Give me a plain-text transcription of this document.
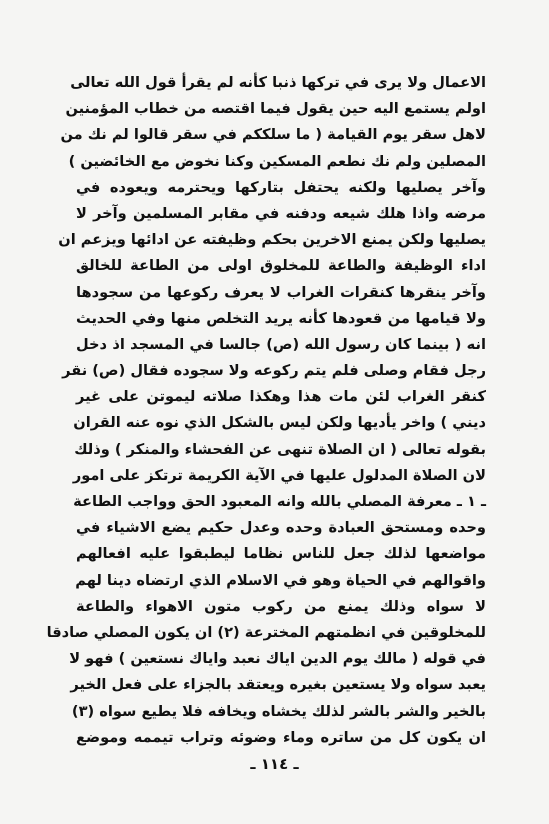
الاعمال ولا يرى في تركها ذنبا كأنه لم يقرأ قول الله تعالى
اولم يستمع اليه حين يقول فيما اقتصه من خطاب المؤمنين
لاهل سقر يوم القيامة ( ما سلككم في سقر قالوا لم نك من
المصلين ولم نك نطعم المسكين وكنا نخوض مع الخائضين )
وآخر يصليها ولكنه يحتفل بتاركها ويحترمه ويعوده في
مرضه واذا هلك شيعه ودفنه في مقابر المسلمين وآخر لا
يصليها ولكن يمنع الاخرين بحكم وظيفته عن ادائها ويزعم ان
اداء الوظيفة والطاعة للمخلوق اولى من الطاعة للخالق
وآخر ينقرها كنقرات الغراب لا يعرف ركوعها من سجودها
ولا قيامها من قعودها كأنه يريد التخلص منها وفي الحديث
انه ( بينما كان رسول الله (ص) جالسا في المسجد اذ دخل
رجل فقام وصلى فلم يتم ركوعه ولا سجوده فقال (ص) نقر
كنقر الغراب لئن مات هذا وهكذا صلاته ليموتن على غير
ديني ) واخر يأديها ولكن ليس بالشكل الذي نوه عنه القران
بقوله تعالى ( ان الصلاة تنهى عن الفحشاء والمنكر ) وذلك
لان الصلاة المدلول عليها في الآية الكريمة ترتكز على امور
ـ ١ ـ معرفة المصلي بالله وانه المعبود الحق وواجب الطاعة
وحده ومستحق العبادة وحده وعدل حكيم يضع الاشياء في
مواضعها لذلك جعل للناس نظاما ليطبقوا عليه افعالهم
واقوالهم في الحياة وهو في الاسلام الذي ارتضاه دينا لهم
لا سواه وذلك يمنع من ركوب متون الاهواء والطاعة
للمخلوقين في انظمتهم المخترعة (٢) ان يكون المصلي صادقا
في قوله ( مالك يوم الدين اياك نعبد واياك نستعين ) فهو لا
يعبد سواه ولا يستعين بغيره ويعتقد بالجزاء على فعل الخير
بالخير والشر بالشر لذلك يخشاه ويخافه فلا يطيع سواه (٣)
ان يكون كل من ساتره وماء وضوئه وتراب تيممه وموضع
ـ ١١٤ ـ
